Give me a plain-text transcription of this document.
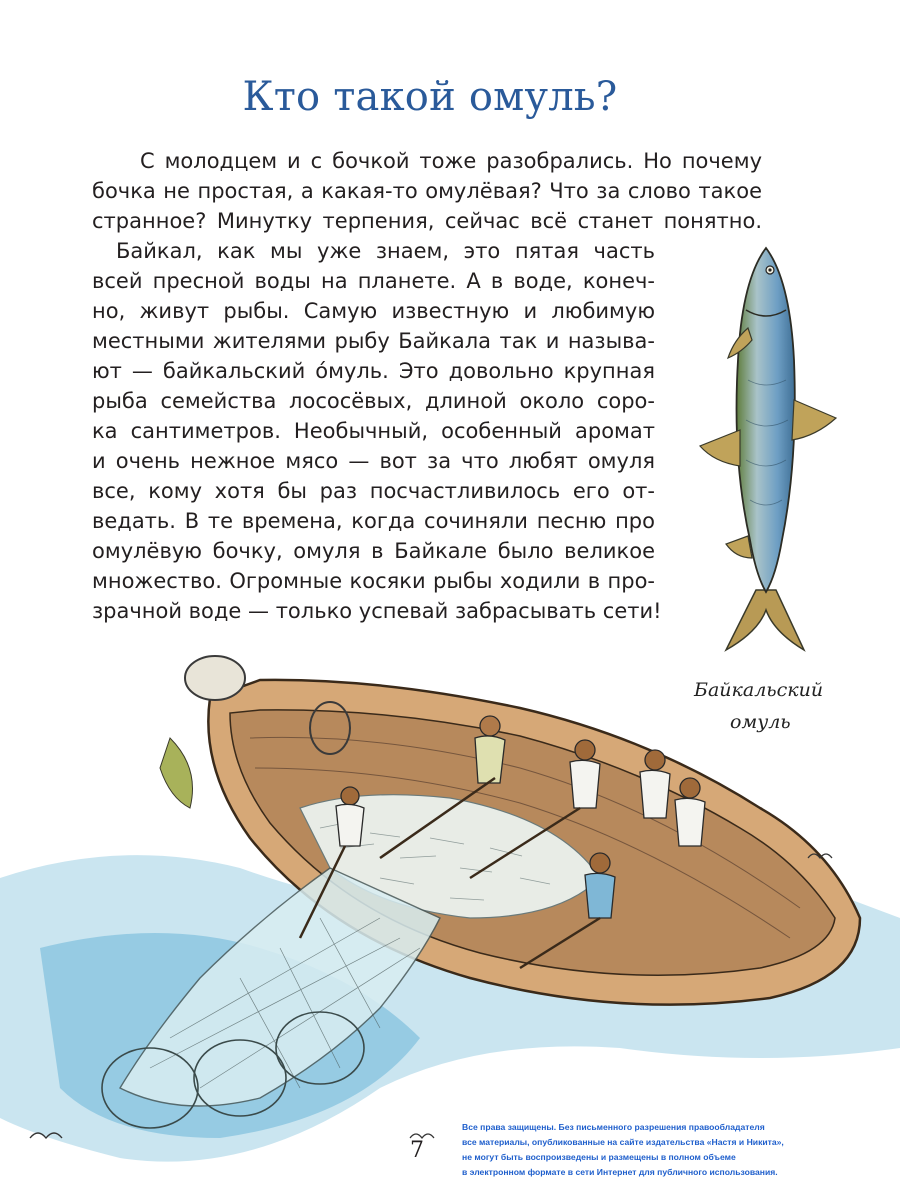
Кто такой омуль?
С молодцем и с бочкой тоже разобрались. Но почему
бочка не простая, а какая-то омулёвая? Что за слово такое
странное? Минутку терпения, сейчас всё станет понятно.
Байкал, как мы уже знаем, это пятая часть
всей пресной воды на планете. А в воде, конеч-
но, живут рыбы. Самую известную и любимую
местными жителями рыбу Байкала так и называ-
ют — байкальский о́муль. Это довольно крупная
рыба семейства лососёвых, длиной около соро-
ка сантиметров. Необычный, особенный аромат
и очень нежное мясо — вот за что любят омуля
все, кому хотя бы раз посчастливилось его от-
ведать. В те времена, когда сочиняли песню про
омулёвую бочку, омуля в Байкале было великое
множество. Огромные косяки рыбы ходили в про-
зрачной воде — только успевай забрасывать сети!
Байкальский
омуль
7
Все права защищены. Без письменного разрешения правообладателя
все материалы, опубликованные на сайте издательства «Настя и Никита»,
не могут быть воспроизведены и размещены в полном объеме
в электронном формате в сети Интернет для публичного использования.
